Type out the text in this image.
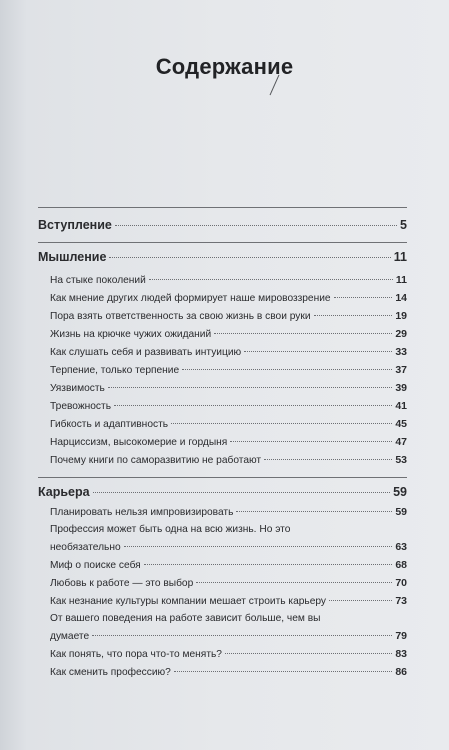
Содержание
Вступление	5
Мышление	11
На стыке поколений	11
Как мнение других людей формирует наше мировоззрение	14
Пора взять ответственность за свою жизнь в свои руки	19
Жизнь на крючке чужих ожиданий	29
Как слушать себя и развивать интуицию	33
Терпение, только терпение	37
Уязвимость	39
Тревожность	41
Гибкость и адаптивность	45
Нарциссизм, высокомерие и гордыня	47
Почему книги по саморазвитию не работают	53
Карьера	59
Планировать нельзя импровизировать	59
Профессия может быть одна на всю жизнь. Но это
необязательно	63
Миф о поиске себя	68
Любовь к работе — это выбор	70
Как незнание культуры компании мешает строить карьеру	73
От вашего поведения на работе зависит больше, чем вы
думаете	79
Как понять, что пора что-то менять?	83
Как сменить профессию?	86
